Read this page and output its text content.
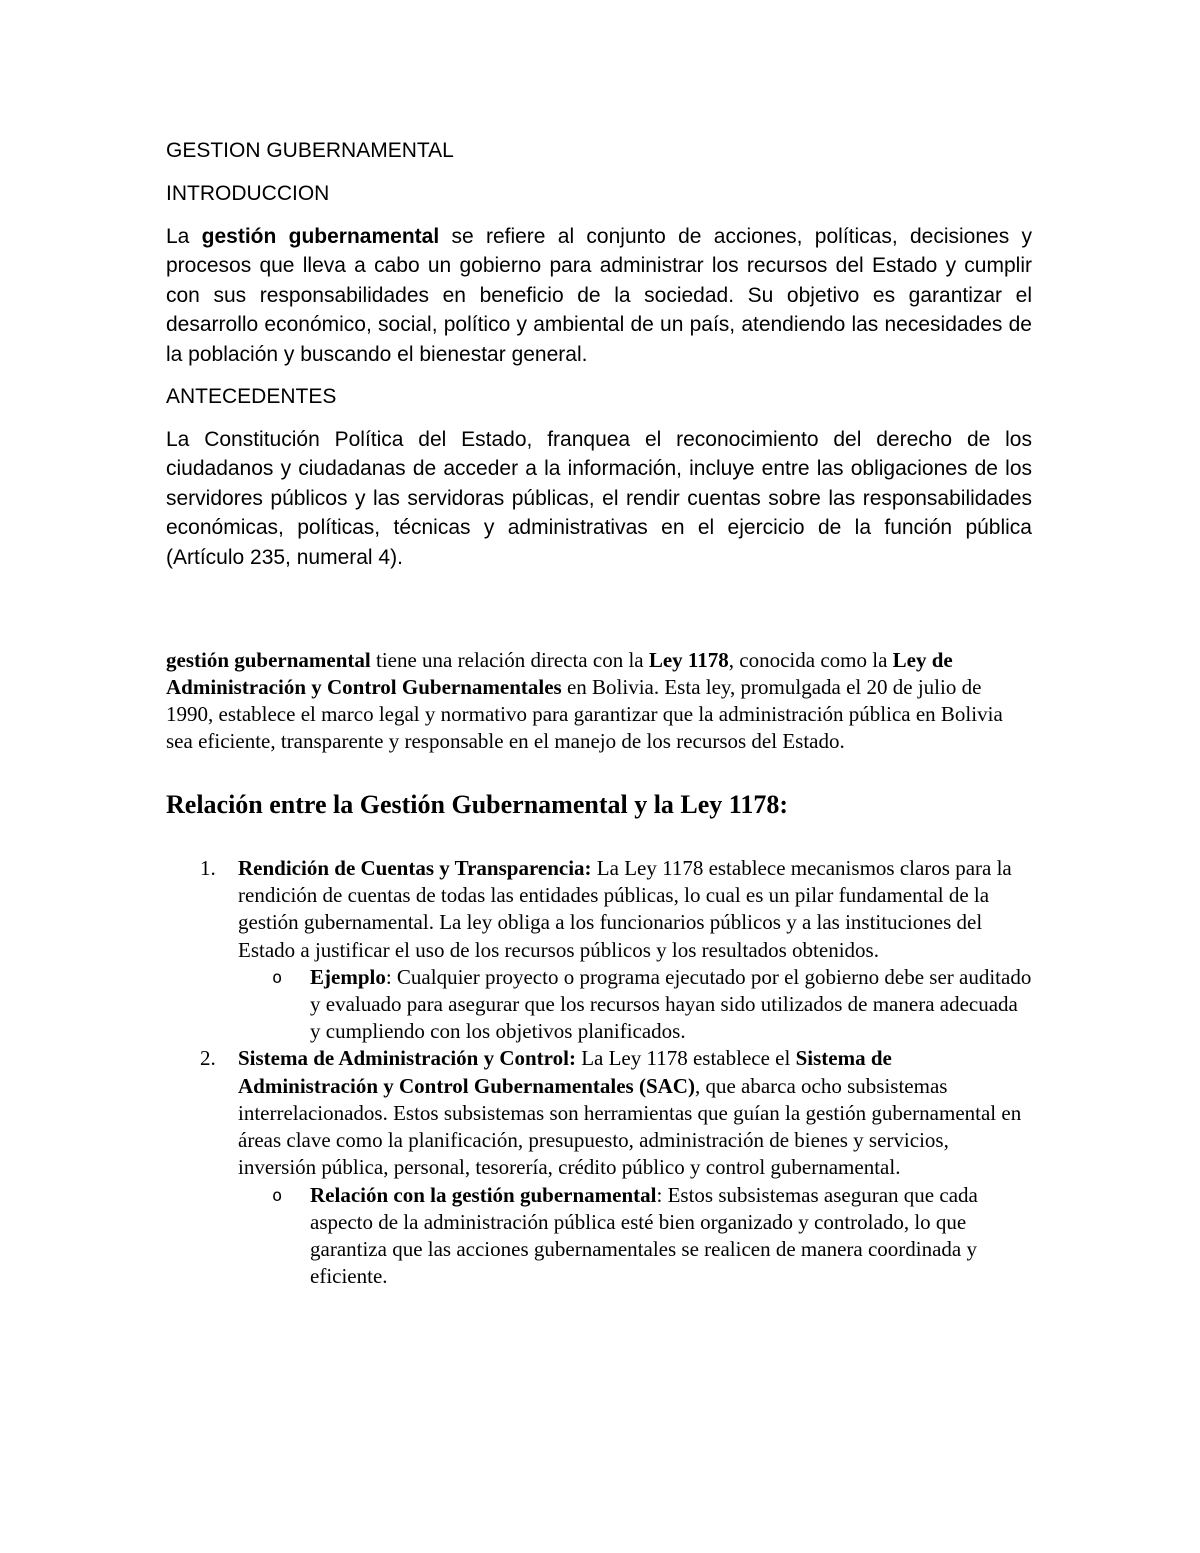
GESTION GUBERNAMENTAL

INTRODUCCION

La gestión gubernamental se refiere al conjunto de acciones, políticas, decisiones y procesos que lleva a cabo un gobierno para administrar los recursos del Estado y cumplir con sus responsabilidades en beneficio de la sociedad. Su objetivo es garantizar el desarrollo económico, social, político y ambiental de un país, atendiendo las necesidades de la población y buscando el bienestar general.

ANTECEDENTES

La Constitución Política del Estado, franquea el reconocimiento del derecho de los ciudadanos y ciudadanas de acceder a la información, incluye entre las obligaciones de los servidores públicos y las servidoras públicas, el rendir cuentas sobre las responsabilidades económicas, políticas, técnicas y administrativas en el ejercicio de la función pública (Artículo 235, numeral 4).

gestión gubernamental tiene una relación directa con la Ley 1178, conocida como la Ley de Administración y Control Gubernamentales en Bolivia. Esta ley, promulgada el 20 de julio de 1990, establece el marco legal y normativo para garantizar que la administración pública en Bolivia sea eficiente, transparente y responsable en el manejo de los recursos del Estado.

Relación entre la Gestión Gubernamental y la Ley 1178:
1. Rendición de Cuentas y Transparencia: La Ley 1178 establece mecanismos claros para la rendición de cuentas de todas las entidades públicas, lo cual es un pilar fundamental de la gestión gubernamental. La ley obliga a los funcionarios públicos y a las instituciones del Estado a justificar el uso de los recursos públicos y los resultados obtenidos.
o Ejemplo: Cualquier proyecto o programa ejecutado por el gobierno debe ser auditado y evaluado para asegurar que los recursos hayan sido utilizados de manera adecuada y cumpliendo con los objetivos planificados.
2. Sistema de Administración y Control: La Ley 1178 establece el Sistema de Administración y Control Gubernamentales (SAC), que abarca ocho subsistemas interrelacionados. Estos subsistemas son herramientas que guían la gestión gubernamental en áreas clave como la planificación, presupuesto, administración de bienes y servicios, inversión pública, personal, tesorería, crédito público y control gubernamental.
o Relación con la gestión gubernamental: Estos subsistemas aseguran que cada aspecto de la administración pública esté bien organizado y controlado, lo que garantiza que las acciones gubernamentales se realicen de manera coordinada y eficiente.
